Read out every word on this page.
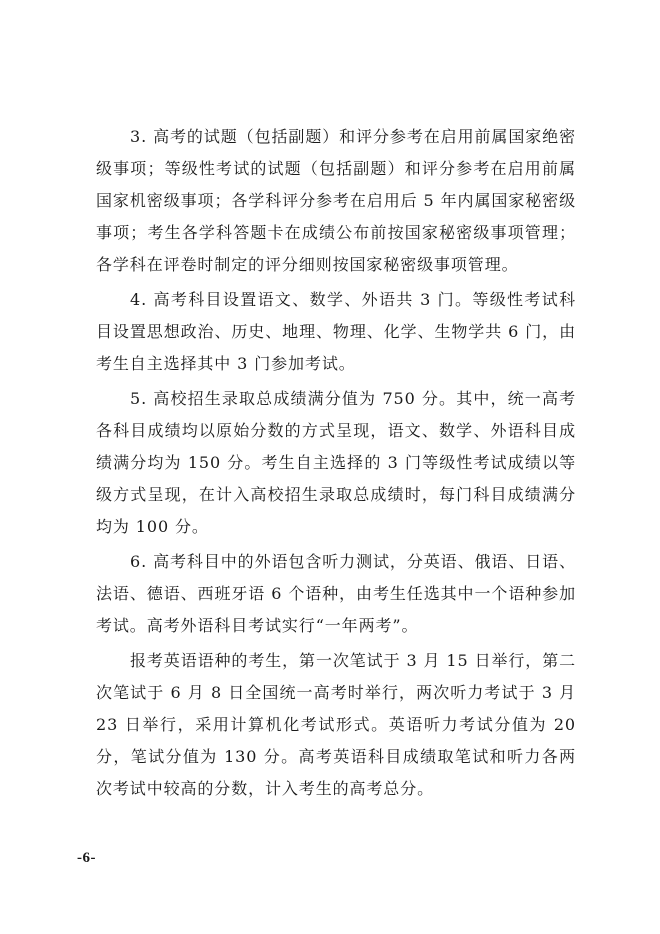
3. 高考的试题（包括副题）和评分参考在启用前属国家绝密级事项；等级性考试的试题（包括副题）和评分参考在启用前属国家机密级事项；各学科评分参考在启用后 5 年内属国家秘密级事项；考生各学科答题卡在成绩公布前按国家秘密级事项管理；各学科在评卷时制定的评分细则按国家秘密级事项管理。

4. 高考科目设置语文、数学、外语共 3 门。等级性考试科目设置思想政治、历史、地理、物理、化学、生物学共 6 门，由考生自主选择其中 3 门参加考试。

5. 高校招生录取总成绩满分值为 750 分。其中，统一高考各科目成绩均以原始分数的方式呈现，语文、数学、外语科目成绩满分均为 150 分。考生自主选择的 3 门等级性考试成绩以等级方式呈现，在计入高校招生录取总成绩时，每门科目成绩满分均为 100 分。

6. 高考科目中的外语包含听力测试，分英语、俄语、日语、法语、德语、西班牙语 6 个语种，由考生任选其中一个语种参加考试。高考外语科目考试实行“一年两考”。

报考英语语种的考生，第一次笔试于 3 月 15 日举行，第二次笔试于 6 月 8 日全国统一高考时举行，两次听力考试于 3 月 23 日举行，采用计算机化考试形式。英语听力考试分值为 20 分，笔试分值为 130 分。高考英语科目成绩取笔试和听力各两次考试中较高的分数，计入考生的高考总分。

-6-
